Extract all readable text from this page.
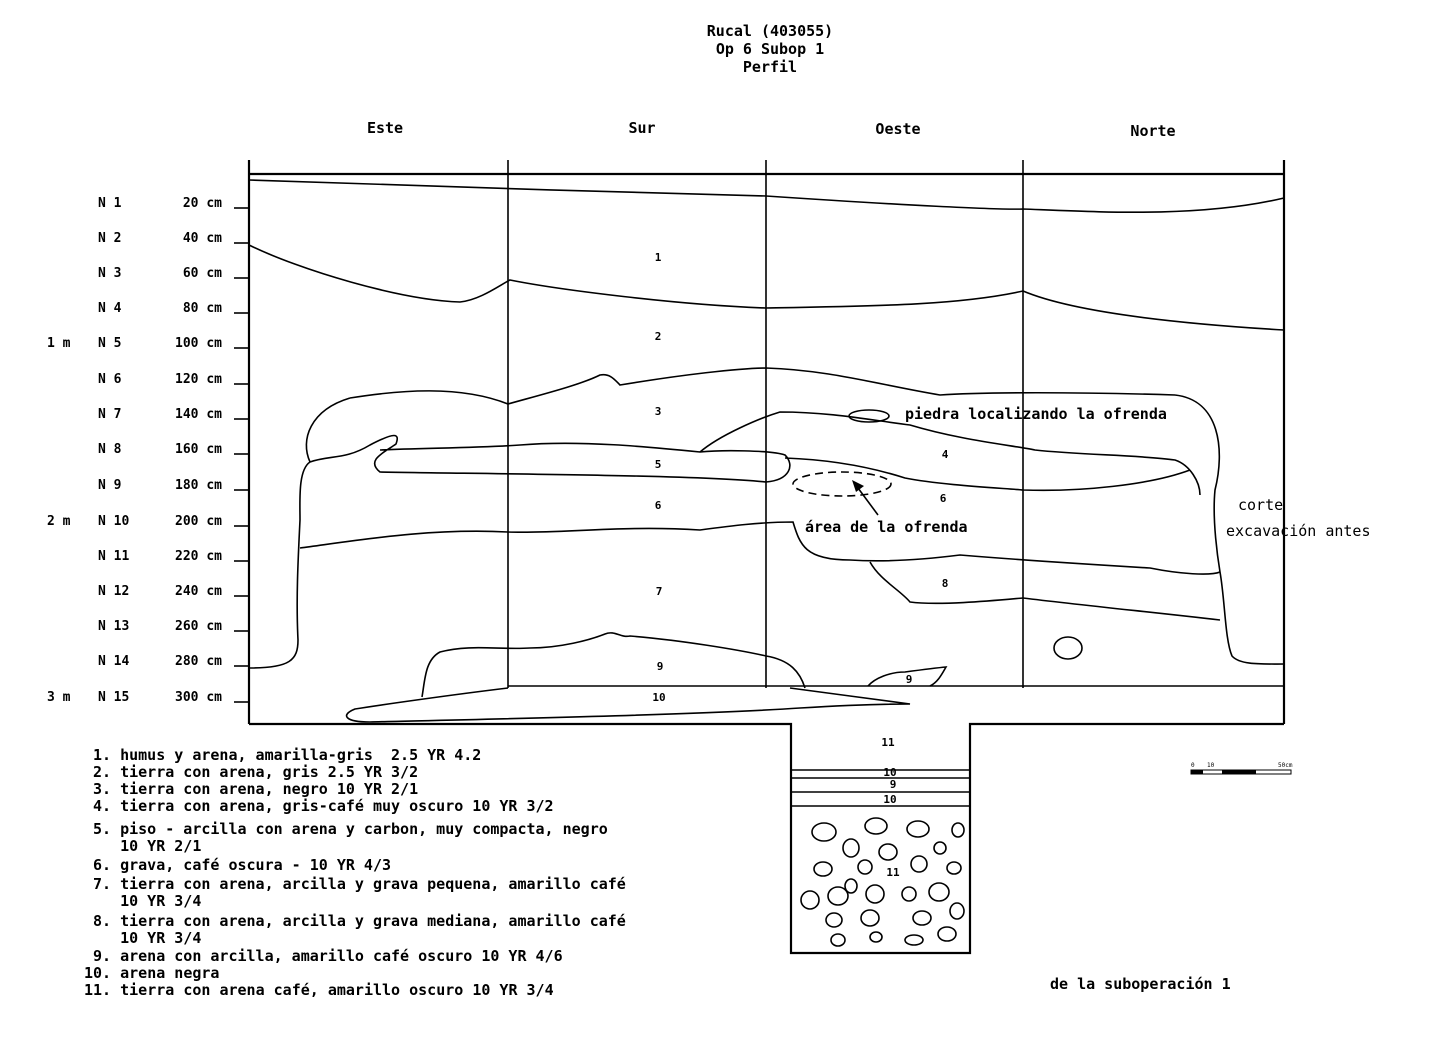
Rucal (403055)
Op 6 Subop 1
Perfil
Este	Sur	Oeste	Norte
N 1	20 cm
N 2	40 cm
N 3	60 cm
N 4	80 cm
1 m N 5	100 cm
N 6	120 cm
N 7	140 cm
N 8	160 cm
N 9	180 cm
2 m N 10	200 cm
N 11	220 cm
N 12	240 cm
N 13	260 cm
N 14	280 cm
3 m N 15	300 cm
1
2
3
4
5
6
6
7
8
9
9
10
11
10
9
10
11
piedra localizando la ofrenda
área de la ofrenda
corte
excavación antes
de la suboperación 1
0 10	50cm
1. humus y arena, amarilla-gris  2.5 YR 4.2
2. tierra con arena, gris 2.5 YR 3/2
3. tierra con arena, negro 10 YR 2/1
4. tierra con arena, gris-café muy oscuro 10 YR 3/2
5. piso - arcilla con arena y carbon, muy compacta, negro
10 YR 2/1
6. grava, café oscura - 10 YR 4/3
7. tierra con arena, arcilla y grava pequena, amarillo café
10 YR 3/4
8. tierra con arena, arcilla y grava mediana, amarillo café
10 YR 3/4
9. arena con arcilla, amarillo café oscuro 10 YR 4/6
10. arena negra
11. tierra con arena café, amarillo oscuro 10 YR 3/4
